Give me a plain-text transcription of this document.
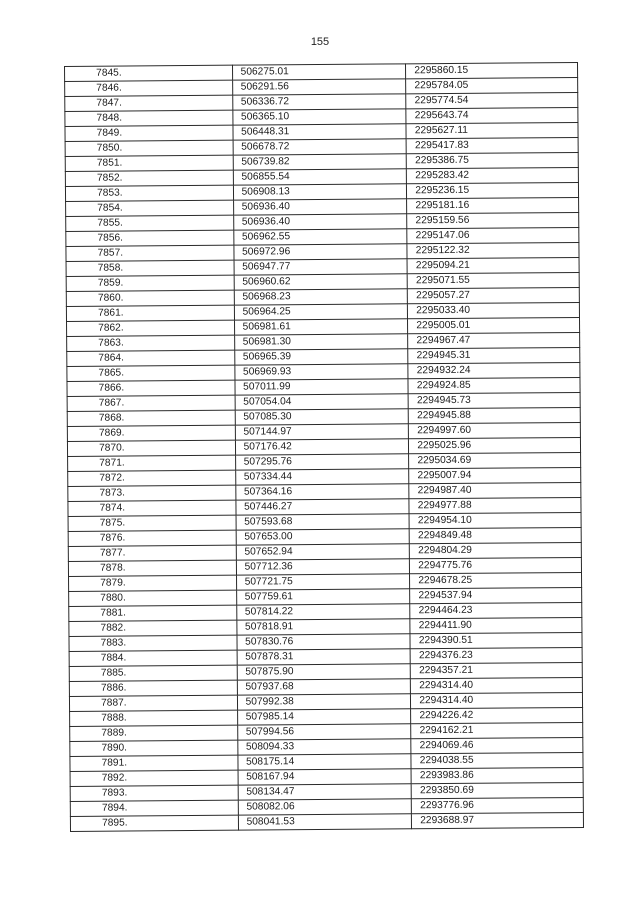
155
7845.	506275.01	2295860.15
7846.	506291.56	2295784.05
7847.	506336.72	2295774.54
7848.	506365.10	2295643.74
7849.	506448.31	2295627.11
7850.	506678.72	2295417.83
7851.	506739.82	2295386.75
7852.	506855.54	2295283.42
7853.	506908.13	2295236.15
7854.	506936.40	2295181.16
7855.	506936.40	2295159.56
7856.	506962.55	2295147.06
7857.	506972.96	2295122.32
7858.	506947.77	2295094.21
7859.	506960.62	2295071.55
7860.	506968.23	2295057.27
7861.	506964.25	2295033.40
7862.	506981.61	2295005.01
7863.	506981.30	2294967.47
7864.	506965.39	2294945.31
7865.	506969.93	2294932.24
7866.	507011.99	2294924.85
7867.	507054.04	2294945.73
7868.	507085.30	2294945.88
7869.	507144.97	2294997.60
7870.	507176.42	2295025.96
7871.	507295.76	2295034.69
7872.	507334.44	2295007.94
7873.	507364.16	2294987.40
7874.	507446.27	2294977.88
7875.	507593.68	2294954.10
7876.	507653.00	2294849.48
7877.	507652.94	2294804.29
7878.	507712.36	2294775.76
7879.	507721.75	2294678.25
7880.	507759.61	2294537.94
7881.	507814.22	2294464.23
7882.	507818.91	2294411.90
7883.	507830.76	2294390.51
7884.	507878.31	2294376.23
7885.	507875.90	2294357.21
7886.	507937.68	2294314.40
7887.	507992.38	2294314.40
7888.	507985.14	2294226.42
7889.	507994.56	2294162.21
7890.	508094.33	2294069.46
7891.	508175.14	2294038.55
7892.	508167.94	2293983.86
7893.	508134.47	2293850.69
7894.	508082.06	2293776.96
7895.	508041.53	2293688.97
